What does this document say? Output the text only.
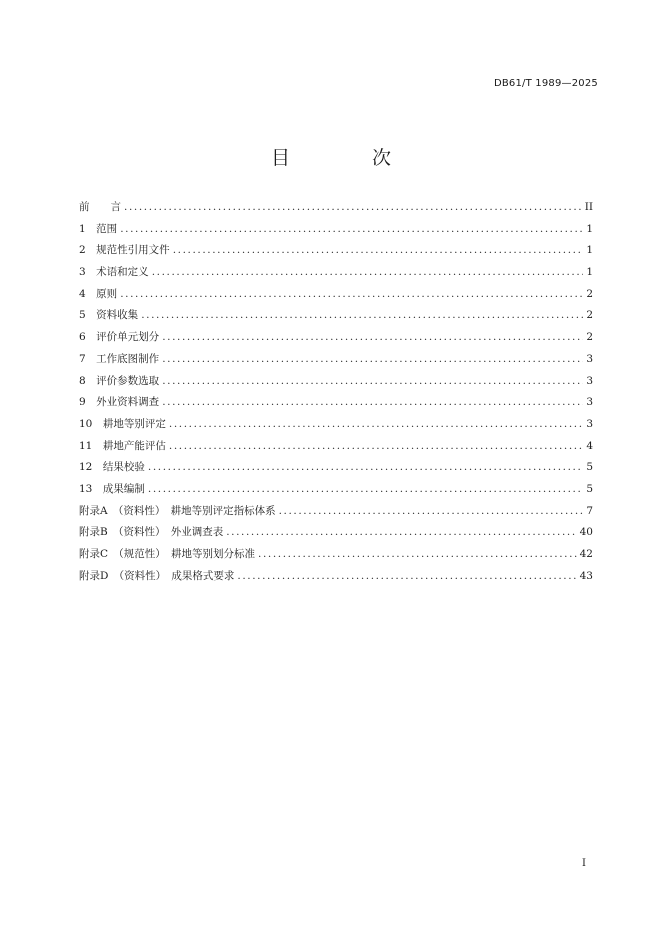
DB61/T 1989—2025
目 次
前　　言 .....	II
1　范围 .....	1
2　规范性引用文件 .....	1
3　术语和定义 .....	1
4　原则 .....	2
5　资料收集 .....	2
6　评价单元划分 .....	2
7　工作底图制作 .....	3
8　评价参数选取 .....	3
9　外业资料调查 .....	3
10　耕地等别评定 .....	3
11　耕地产能评估 .....	4
12　结果校验 .....	5
13　成果编制 .....	5
附录A　（资料性）　耕地等别评定指标体系 .....	7
附录B　（资料性）　外业调查表 .....	40
附录C　（规范性）　耕地等别划分标准 .....	42
附录D　（资料性）　成果格式要求 .....	43
I
